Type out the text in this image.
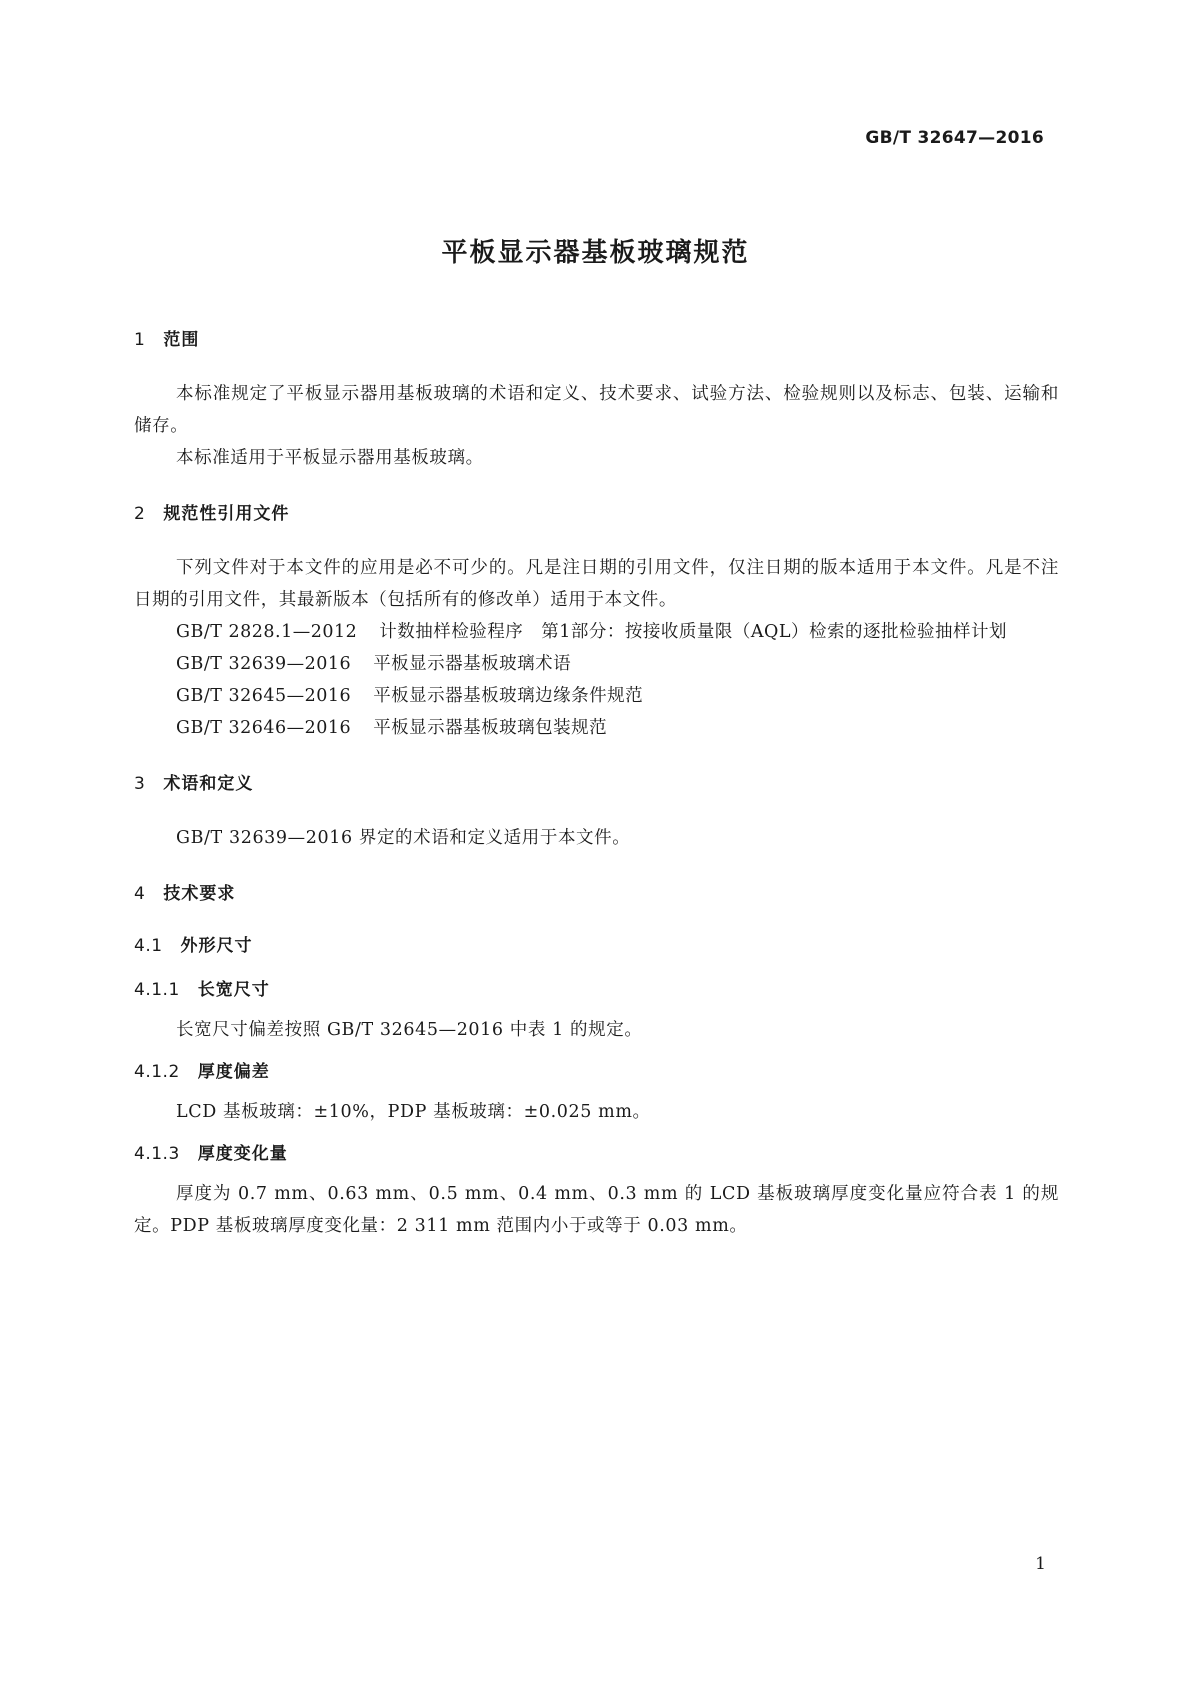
GB/T 32647—2016
平板显示器基板玻璃规范
1 范围

本标准规定了平板显示器用基板玻璃的术语和定义、技术要求、试验方法、检验规则以及标志、包装、运输和储存。

本标准适用于平板显示器用基板玻璃。

2 规范性引用文件

下列文件对于本文件的应用是必不可少的。凡是注日期的引用文件，仅注日期的版本适用于本文件。凡是不注日期的引用文件，其最新版本（包括所有的修改单）适用于本文件。

GB/T 2828.1—2012 计数抽样检验程序　第1部分：按接收质量限（AQL）检索的逐批检验抽样计划

GB/T 32639—2016 平板显示器基板玻璃术语

GB/T 32645—2016 平板显示器基板玻璃边缘条件规范

GB/T 32646—2016 平板显示器基板玻璃包装规范

3 术语和定义

GB/T 32639—2016 界定的术语和定义适用于本文件。

4 技术要求
4.1 外形尺寸
4.1.1 长宽尺寸

长宽尺寸偏差按照 GB/T 32645—2016 中表 1 的规定。

4.1.2 厚度偏差

LCD 基板玻璃：±10%，PDP 基板玻璃：±0.025 mm。

4.1.3 厚度变化量

厚度为 0.7 mm、0.63 mm、0.5 mm、0.4 mm、0.3 mm 的 LCD 基板玻璃厚度变化量应符合表 1 的规定。PDP 基板玻璃厚度变化量：2 311 mm 范围内小于或等于 0.03 mm。

1
